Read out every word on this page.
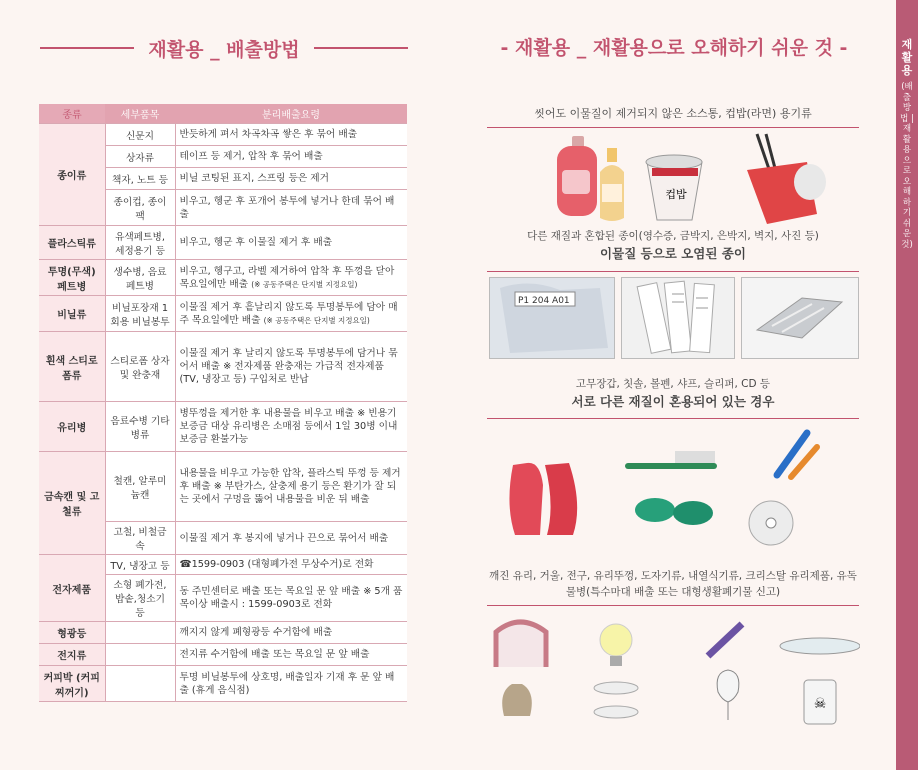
재활용 _ 배출방법	- 재활용 _ 재활용으로 오해하기 쉬운 것 -	재활용
(배출방법 | 재활용으로 오해하기쉬운것)
종류	세부품목	분리배출요령
종이류	신문지	반듯하게 펴서 차곡차곡 쌓은 후 묶어 배출
	상자류	테이프 등 제거, 압착 후 묶어 배출
	책자, 노트 등	비닐 코팅된 표지, 스프링 등은 제거
	종이컵, 종이팩	비우고, 헹군 후 포개어 봉투에 넣거나 한데 묶어 배출
플라스틱류	유색페트병, 세정용기 등	비우고, 헹군 후 이물질 제거 후 배출
투명(무색) 페트병	생수병, 음료페트병	비우고, 헹구고, 라벨 제거하여 압착 후 뚜껑을 닫아 목요일에만 배출 (※ 공동주택은 단지별 지정요일)
비닐류	비닐포장재 1회용 비닐봉투	이물질 제거 후 흩날리지 않도록 투명봉투에 담아 매주 목요일에만 배출 (※ 공동주택은 단지별 지정요일)
흰색 스티로폼류	스티로폼 상자 및 완충재	이물질 제거 후 날리지 않도록 투명봉투에 담거나 묶어서 배출 ※ 전자제품 완충재는 가급적 전자제품(TV, 냉장고 등) 구입처로 반납
유리병	음료수병 기타병류	병뚜껑을 제거한 후 내용물을 비우고 배출 ※ 빈용기보증금 대상 유리병은 소매점 등에서 1일 30병 이내 보증금 환불가능
금속캔 및 고철류	철캔, 알루미늄캔	내용물을 비우고 가능한 압착, 플라스틱 뚜껑 등 제거 후 배출 ※ 부탄가스, 살충제 용기 등은 환기가 잘 되는 곳에서 구멍을 뚫어 내용물을 비운 뒤 배출
	고철, 비철금속	이물질 제거 후 봉지에 넣거나 끈으로 묶어서 배출
전자제품	TV, 냉장고 등	☎1599-0903 (대형폐가전 무상수거)로 전화
	소형 폐가전, 밥솥,청소기 등	동 주민센터로 배출 또는 목요일 문 앞 배출 ※ 5개 품목이상 배출시 : 1599-0903로 전화
형광등		깨지지 않게 폐형광등 수거함에 배출
전지류		전지류 수거함에 배출 또는 목요일 문 앞 배출
커피박 (커피찌꺼기)		투명 비닐봉투에 상호명, 배출일자 기재 후 문 앞 배출 (휴게 음식점)
씻어도 이물질이 제거되지 않은 소스통, 컵밥(라면) 용기류
컵밥
다른 재질과 혼합된 종이(영수증, 금박지, 은박지, 벽지, 사진 등)
이물질 등으로 오염된 종이
P1 204 A01
고무장갑, 칫솔, 볼펜, 샤프, 슬리퍼, CD 등
서로 다른 재질이 혼용되어 있는 경우
깨진 유리, 거울, 전구, 유리뚜껑, 도자기류, 내열식기류, 크리스탈 유리제품, 유독물병(특수마대 배출 또는 대형생활폐기물 신고)
☠
